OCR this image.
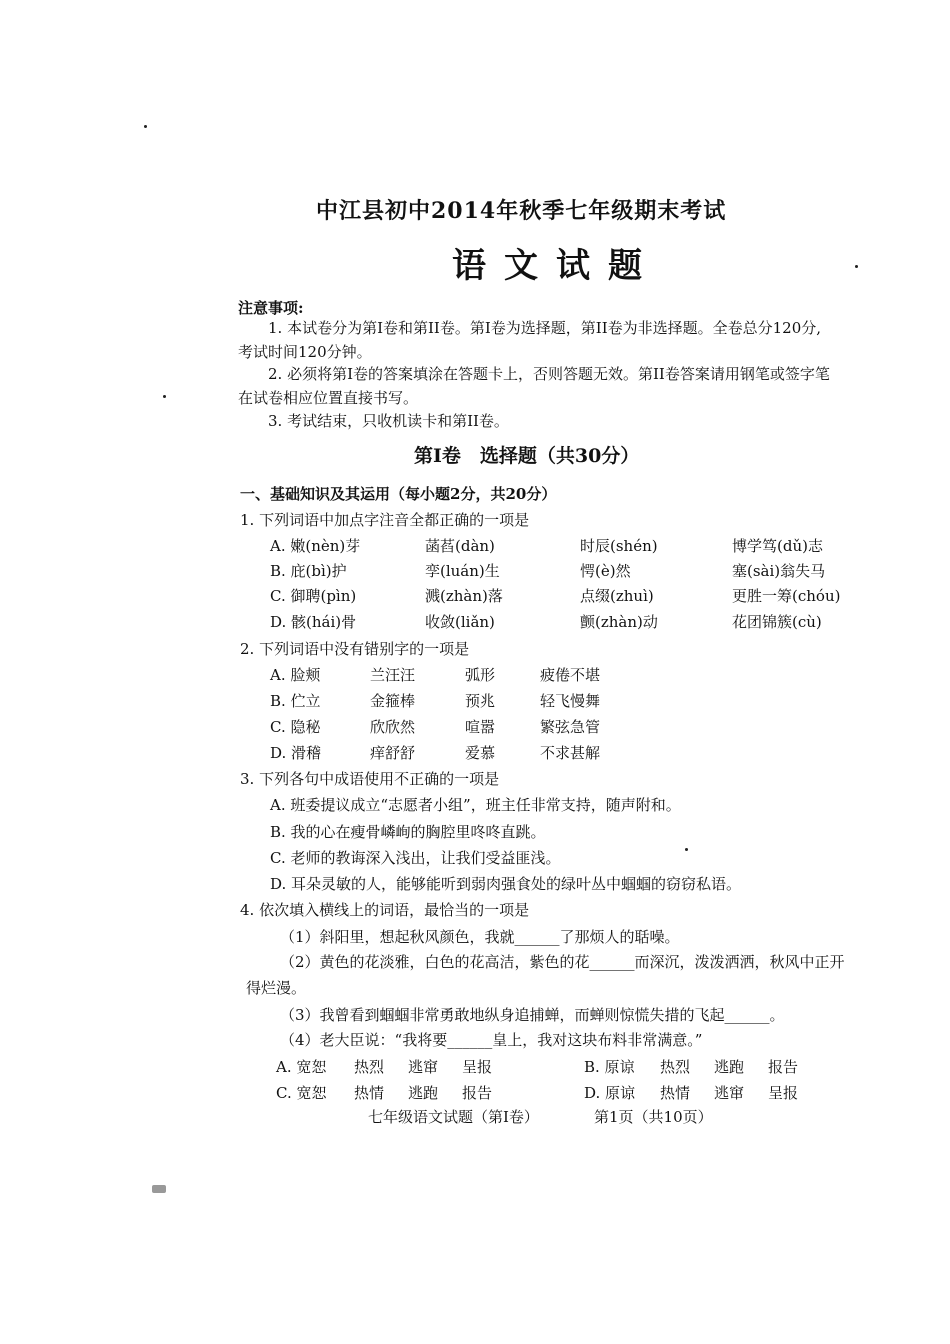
中江县初中2014年秋季七年级期末考试
语文试题
注意事项:
1. 本试卷分为第I卷和第II卷。第I卷为选择题，第II卷为非选择题。全卷总分120分,
考试时间120分钟。
2. 必须将第I卷的答案填涂在答题卡上，否则答题无效。第II卷答案请用钢笔或签字笔
在试卷相应位置直接书写。
3. 考试结束，只收机读卡和第II卷。
第I卷　选择题（共30分）
一、基础知识及其运用（每小题2分，共20分）
1. 下列词语中加点字注音全都正确的一项是
A. 嫩(nèn)芽	菡萏(dàn)	时辰(shén)	博学笃(dǔ)志
B. 庇(bì)护	孪(luán)生	愕(è)然	塞(sài)翁失马
C. 御聘(pìn)	溅(zhàn)落	点缀(zhuì)	更胜一筹(chóu)
D. 骸(hái)骨	收敛(liǎn)	颤(zhàn)动	花团锦簇(cù)
2. 下列词语中没有错别字的一项是
A. 脸颊	兰汪汪	弧形	疲倦不堪
B. 伫立	金箍棒	预兆	轻飞慢舞
C. 隐秘	欣欣然	喧嚣	繁弦急管
D. 滑稽	痒舒舒	爱慕	不求甚解
3. 下列各句中成语使用不正确的一项是
A. 班委提议成立“志愿者小组”，班主任非常支持，随声附和。
B. 我的心在瘦骨嶙峋的胸腔里咚咚直跳。
C. 老师的教诲深入浅出，让我们受益匪浅。
D. 耳朵灵敏的人，能够能听到弱肉强食处的绿叶丛中蝈蝈的窃窃私语。
4. 依次填入横线上的词语，最恰当的一项是
（1）斜阳里，想起秋风颜色，我就______了那烦人的聒噪。
（2）黄色的花淡雅，白色的花高洁，紫色的花______而深沉，泼泼洒洒，秋风中正开
得烂漫。
（3）我曾看到蝈蝈非常勇敢地纵身追捕蝉，而蝉则惊慌失措的飞起______。
（4）老大臣说：“我将要______皇上，我对这块布料非常满意。”
A. 宽恕	热烈	逃窜	呈报	B. 原谅	热烈	逃跑	报告
C. 宽恕	热情	逃跑	报告	D. 原谅	热情	逃窜	呈报
七年级语文试题（第I卷）	第1页（共10页）
